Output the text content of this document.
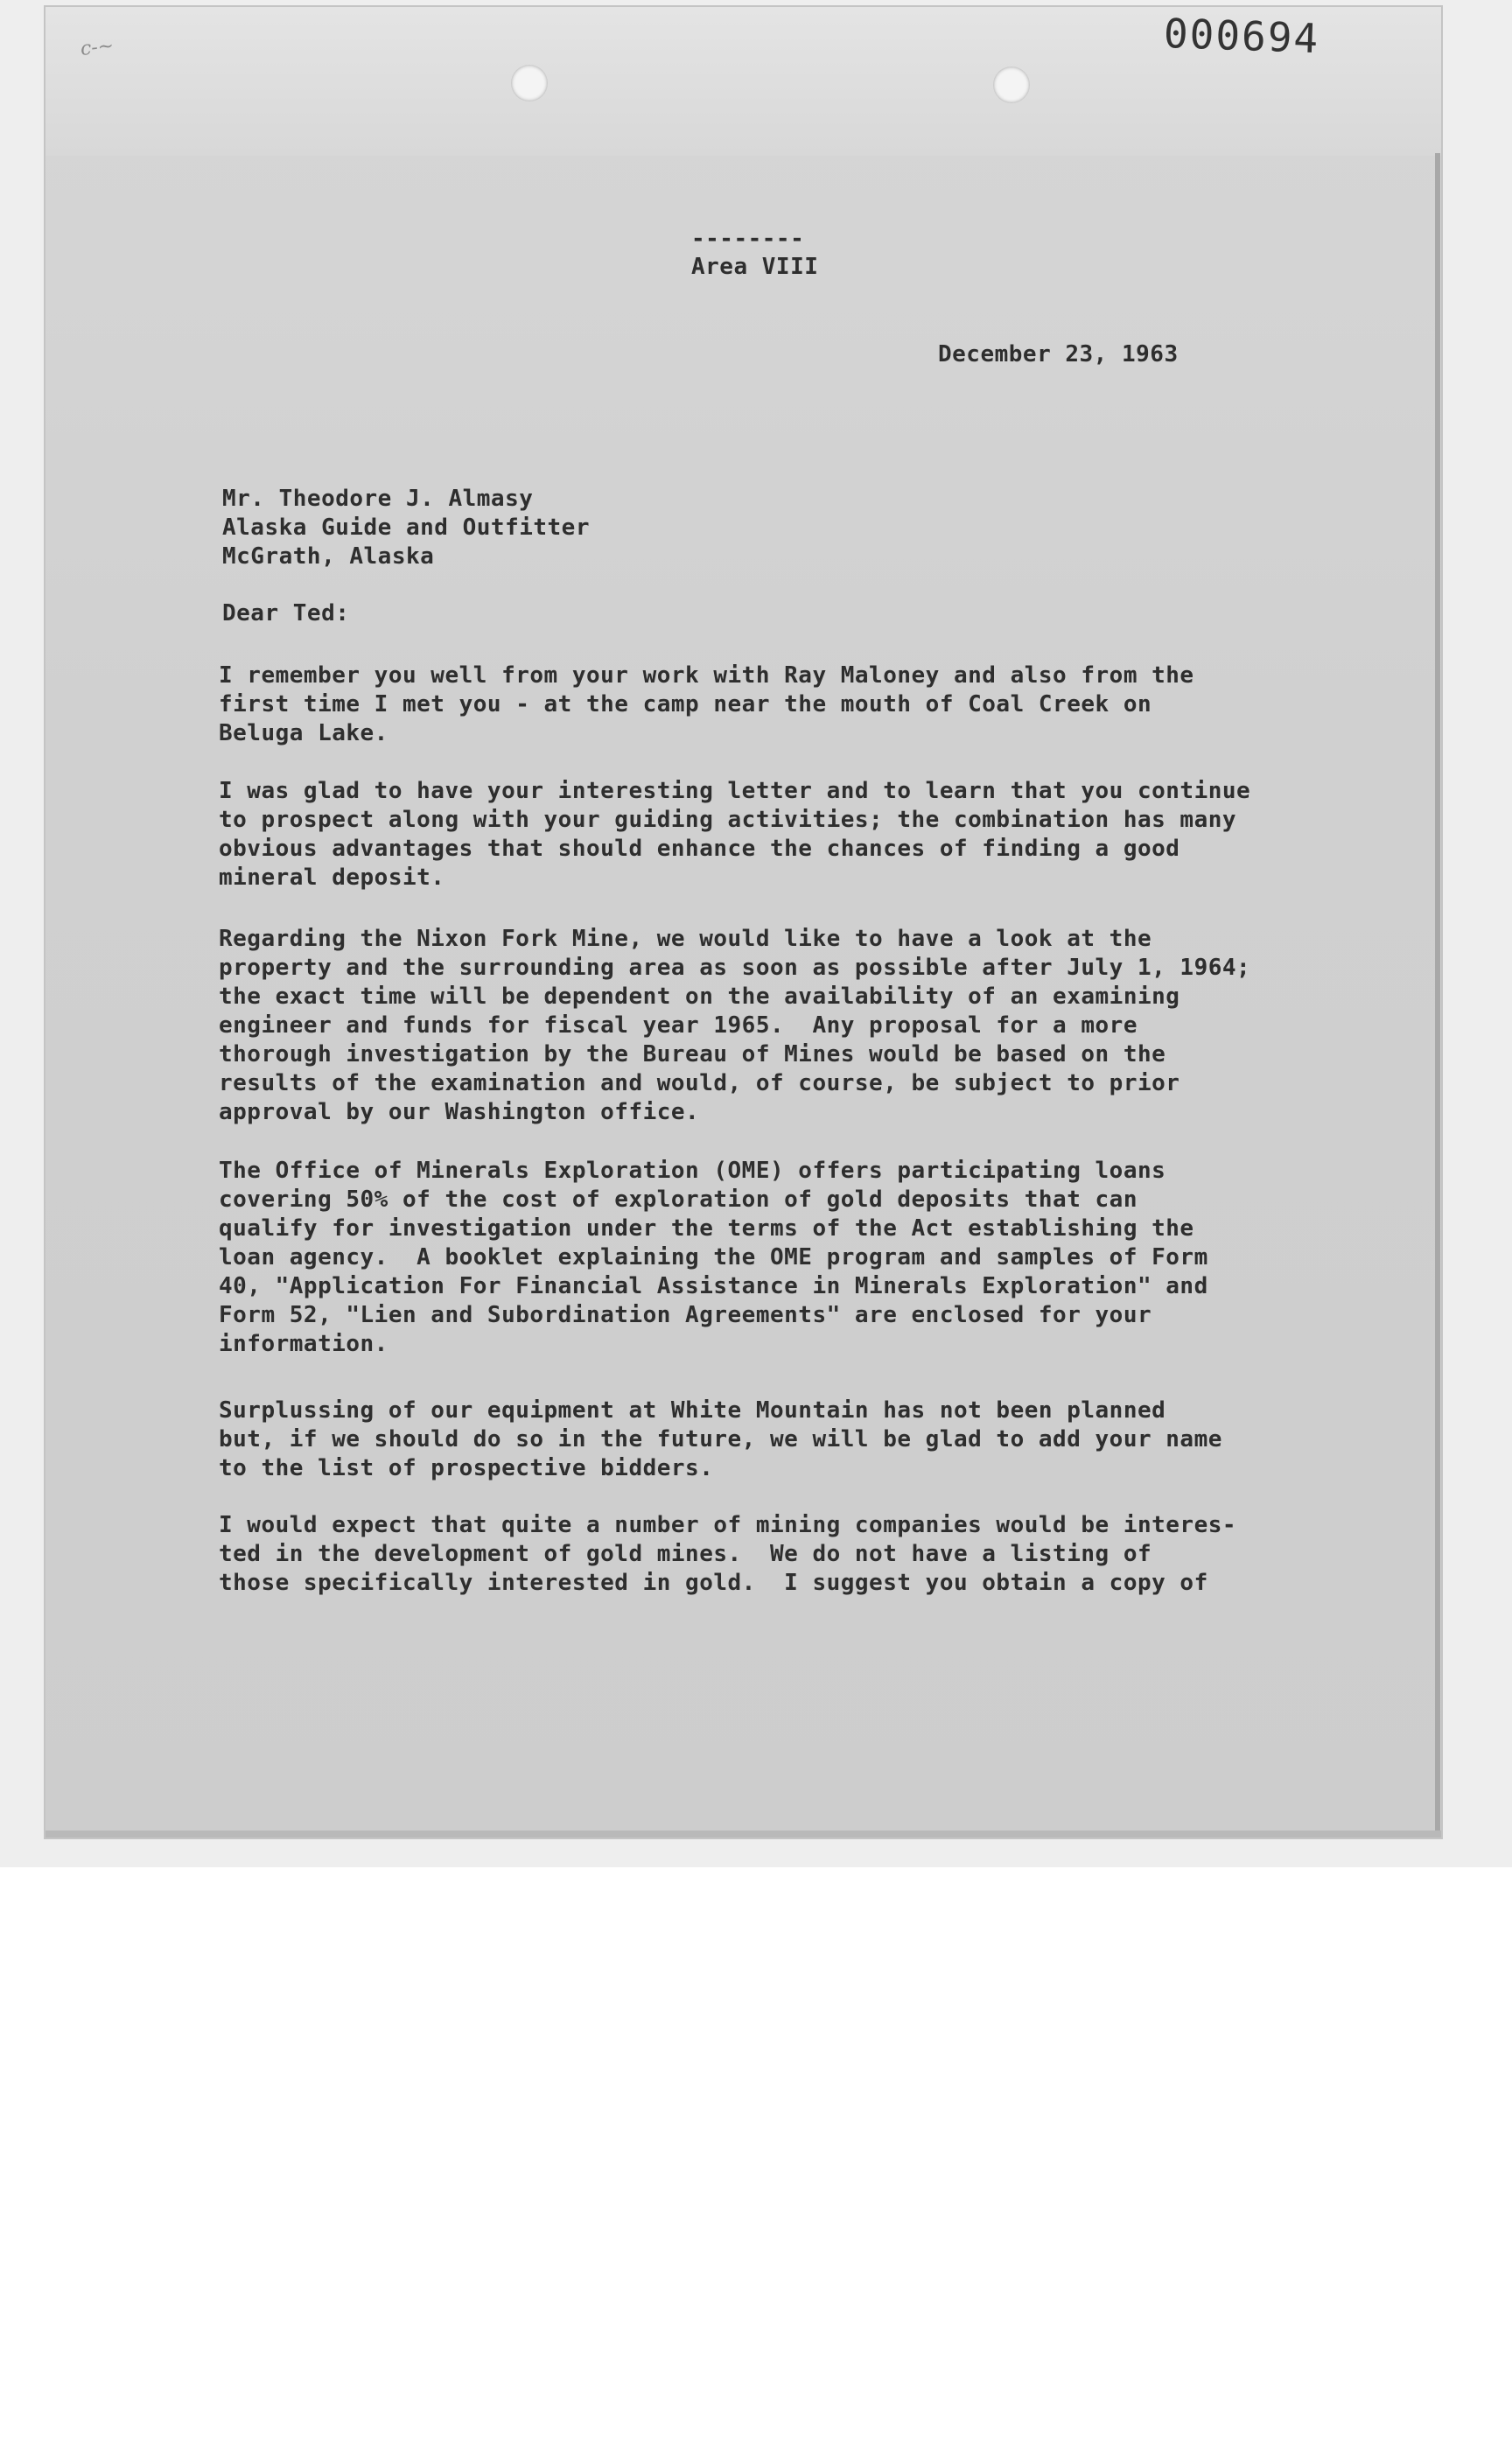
000694
c-~
--------
Area VIII
December 23, 1963
Mr. Theodore J. Almasy
Alaska Guide and Outfitter
McGrath, Alaska
Dear Ted:
I remember you well from your work with Ray Maloney and also from the
first time I met you - at the camp near the mouth of Coal Creek on
Beluga Lake.
I was glad to have your interesting letter and to learn that you continue
to prospect along with your guiding activities; the combination has many
obvious advantages that should enhance the chances of finding a good
mineral deposit.
Regarding the Nixon Fork Mine, we would like to have a look at the
property and the surrounding area as soon as possible after July 1, 1964;
the exact time will be dependent on the availability of an examining
engineer and funds for fiscal year 1965.  Any proposal for a more
thorough investigation by the Bureau of Mines would be based on the
results of the examination and would, of course, be subject to prior
approval by our Washington office.
The Office of Minerals Exploration (OME) offers participating loans
covering 50% of the cost of exploration of gold deposits that can
qualify for investigation under the terms of the Act establishing the
loan agency.  A booklet explaining the OME program and samples of Form
40, "Application For Financial Assistance in Minerals Exploration" and
Form 52, "Lien and Subordination Agreements" are enclosed for your
information.
Surplussing of our equipment at White Mountain has not been planned
but, if we should do so in the future, we will be glad to add your name
to the list of prospective bidders.
I would expect that quite a number of mining companies would be interes-
ted in the development of gold mines.  We do not have a listing of
those specifically interested in gold.  I suggest you obtain a copy of
